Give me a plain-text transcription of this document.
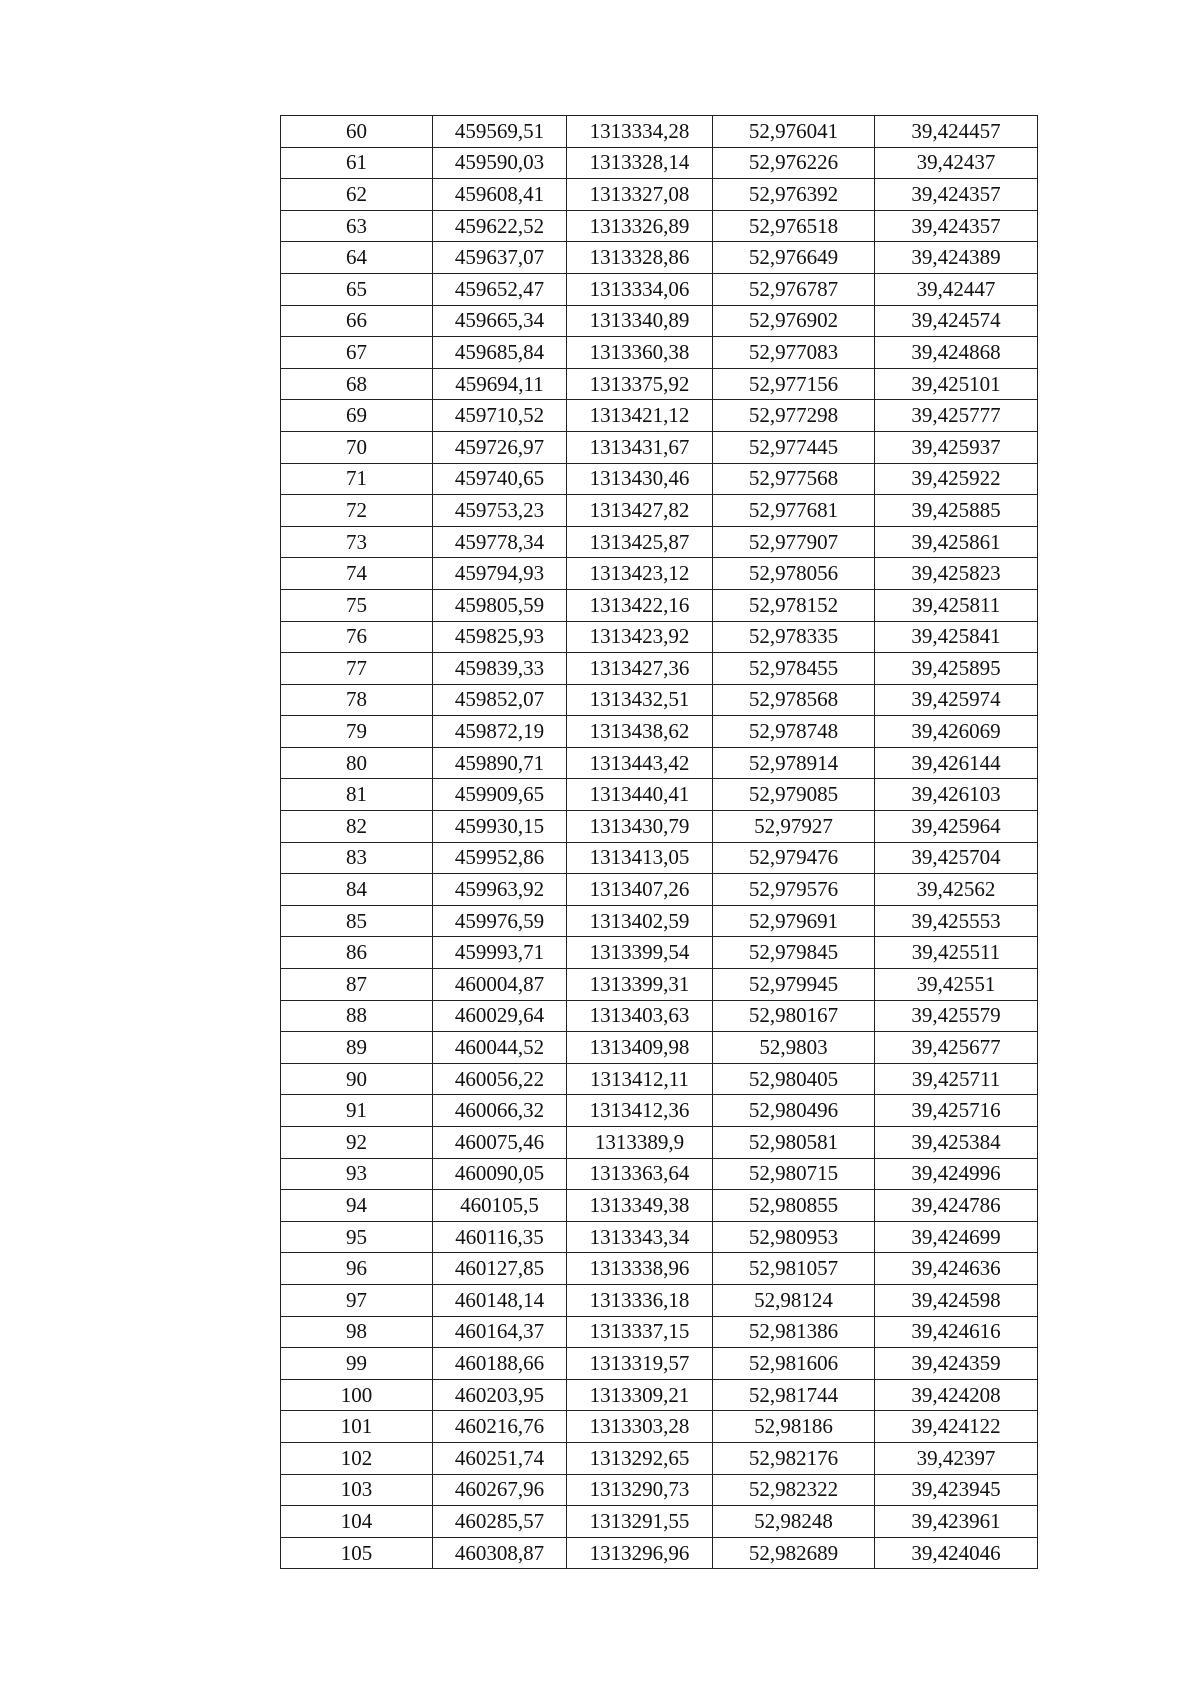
60	459569,51	1313334,28	52,976041	39,424457
61	459590,03	1313328,14	52,976226	39,42437
62	459608,41	1313327,08	52,976392	39,424357
63	459622,52	1313326,89	52,976518	39,424357
64	459637,07	1313328,86	52,976649	39,424389
65	459652,47	1313334,06	52,976787	39,42447
66	459665,34	1313340,89	52,976902	39,424574
67	459685,84	1313360,38	52,977083	39,424868
68	459694,11	1313375,92	52,977156	39,425101
69	459710,52	1313421,12	52,977298	39,425777
70	459726,97	1313431,67	52,977445	39,425937
71	459740,65	1313430,46	52,977568	39,425922
72	459753,23	1313427,82	52,977681	39,425885
73	459778,34	1313425,87	52,977907	39,425861
74	459794,93	1313423,12	52,978056	39,425823
75	459805,59	1313422,16	52,978152	39,425811
76	459825,93	1313423,92	52,978335	39,425841
77	459839,33	1313427,36	52,978455	39,425895
78	459852,07	1313432,51	52,978568	39,425974
79	459872,19	1313438,62	52,978748	39,426069
80	459890,71	1313443,42	52,978914	39,426144
81	459909,65	1313440,41	52,979085	39,426103
82	459930,15	1313430,79	52,97927	39,425964
83	459952,86	1313413,05	52,979476	39,425704
84	459963,92	1313407,26	52,979576	39,42562
85	459976,59	1313402,59	52,979691	39,425553
86	459993,71	1313399,54	52,979845	39,425511
87	460004,87	1313399,31	52,979945	39,42551
88	460029,64	1313403,63	52,980167	39,425579
89	460044,52	1313409,98	52,9803	39,425677
90	460056,22	1313412,11	52,980405	39,425711
91	460066,32	1313412,36	52,980496	39,425716
92	460075,46	1313389,9	52,980581	39,425384
93	460090,05	1313363,64	52,980715	39,424996
94	460105,5	1313349,38	52,980855	39,424786
95	460116,35	1313343,34	52,980953	39,424699
96	460127,85	1313338,96	52,981057	39,424636
97	460148,14	1313336,18	52,98124	39,424598
98	460164,37	1313337,15	52,981386	39,424616
99	460188,66	1313319,57	52,981606	39,424359
100	460203,95	1313309,21	52,981744	39,424208
101	460216,76	1313303,28	52,98186	39,424122
102	460251,74	1313292,65	52,982176	39,42397
103	460267,96	1313290,73	52,982322	39,423945
104	460285,57	1313291,55	52,98248	39,423961
105	460308,87	1313296,96	52,982689	39,424046
